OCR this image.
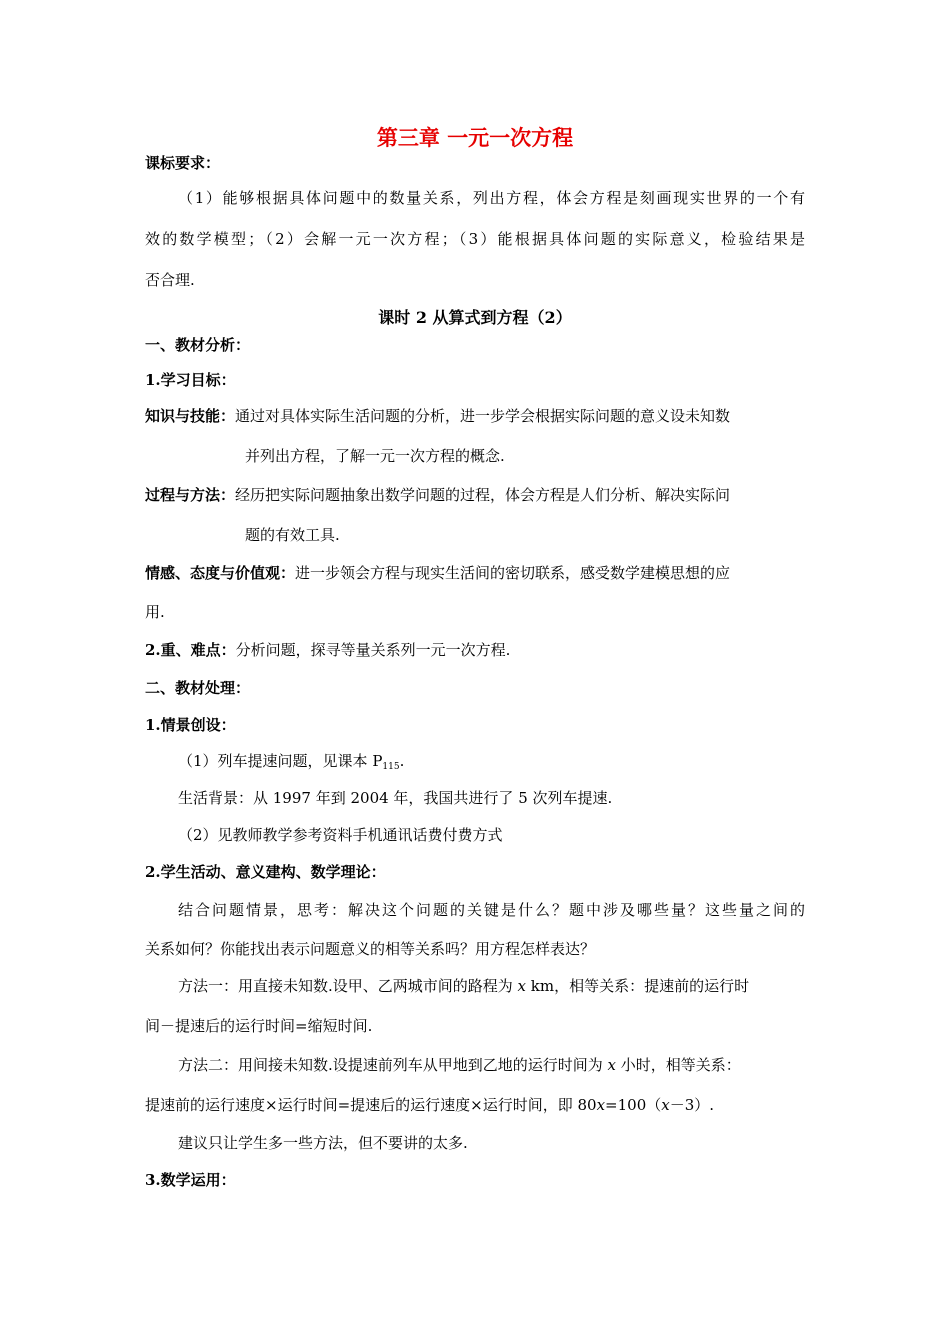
第三章 一元一次方程
课标要求：
（1）能够根据具体问题中的数量关系，列出方程，体会方程是刻画现实世界的一个有
效的数学模型；（2）会解一元一次方程；（3）能根据具体问题的实际意义，检验结果是
否合理.
课时 2 从算式到方程（2）
一、教材分析：
1.学习目标：
知识与技能：通过对具体实际生活问题的分析，进一步学会根据实际问题的意义设未知数
并列出方程，了解一元一次方程的概念.
过程与方法：经历把实际问题抽象出数学问题的过程，体会方程是人们分析、解决实际问
题的有效工具.
情感、态度与价值观：进一步领会方程与现实生活间的密切联系，感受数学建模思想的应
用.
2.重、难点：分析问题，探寻等量关系列一元一次方程.
二、教材处理：
1.情景创设：
（1）列车提速问题，见课本 $P_{115}$.
生活背景：从 1997 年到 2004 年，我国共进行了 5 次列车提速.
（2）见教师教学参考资料手机通讯话费付费方式
2.学生活动、意义建构、数学理论：
结合问题情景，思考：解决这个问题的关键是什么？题中涉及哪些量？这些量之间的
关系如何？你能找出表示问题意义的相等关系吗？用方程怎样表达？
方法一：用直接未知数.设甲、乙两城市间的路程为 x km，相等关系：提速前的运行时
间－提速后的运行时间=缩短时间.
方法二：用间接未知数.设提速前列车从甲地到乙地的运行时间为 x 小时，相等关系：
提速前的运行速度×运行时间=提速后的运行速度×运行时间，即 80x=100（x－3）.
建议只让学生多一些方法，但不要讲的太多.
3.数学运用：
